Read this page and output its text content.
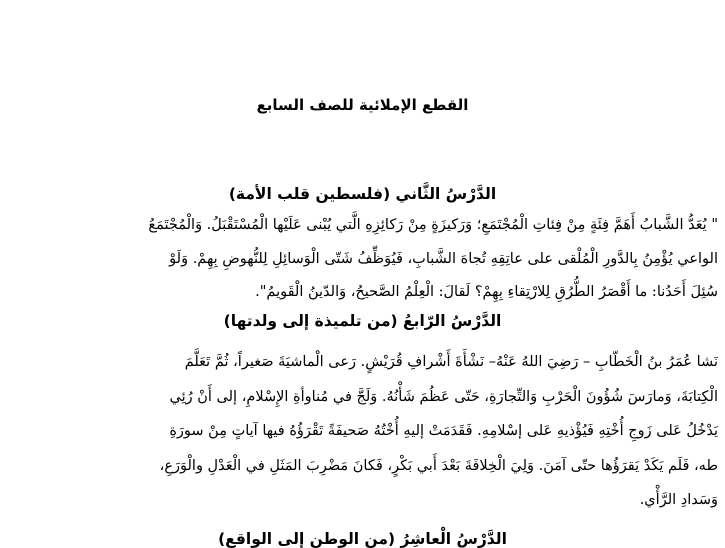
القطع الإملائية للصف السابع
الدَّرْسُ الثَّاني (فلسطين قلب الأمة)
" يُعَدُّ الشَّبابُ أَهَمَّ فِئَةٍ مِنْ فِئاتِ الْمُجْتَمَعِ؛ وَرَكيزَةٍ مِنْ رَكائِزِهِ الَّتي يُبْنى عَلَيْها الْمُسْتَقْبَلُ. وَالْمُجْتَمَعُ
الواعي يُؤْمِنُ بِالدَّورِ الْمُلْقى على عاتِقِهِ تُجاهَ الشَّبابِ، فَيُوَظِّفُ شَتّى الْوَسائِلِ لِلنُّهوضِ بِهِمْ. وَلَوْ
سُئِلَ أَحَدُنا: ما أَقْصَرُ الطُّرُقِ لِلارْتِقاءِ بِهِمْ؟ لَقالَ: الْعِلْمُ الصَّحيحُ، وَالدّينُ الْقَويمُ".
الدَّرْسُ الرّابعُ (من تلميذة إلى ولدتها)
نَشا عُمَرُ بنُ الْخَطّابِ – رَضِيَ اللهُ عَنْهُ– نَشْأَةَ أَشْرافِ قُرَيْشٍ. رَعى الْماشيَةَ صَغيراً، ثُمَّ تَعَلَّمَ
الْكِتابَةَ، وَمارَسَ شُؤُونَ الْحَرْبِ وَالتِّجارَةِ، حَتّى عَظُمَ شَأْنُهُ. وَلَجَّ في مُناوأةِ الإِسْلامِ، إلى أَنْ رُئِي
يَدْخُلُ عَلى زَوجِ أُخْتِهِ فَيُؤْذيهِ عَلى إسْلامِهِ. فَقَدَمَتْ إليهِ أُخْتُهُ صَحيفَةً تَقْرَؤُهُ فيها آياتٍ مِنْ سورَةِ
طه، فَلَم يَكَدْ يَقرَؤُها حتّى آمَنَ. وَلِيَ الْخِلافَةَ بَعْدَ أَبي بَكْرٍ، فَكانَ مَضْرِبَ المَثَلِ في الْعَدْلِ والْوَرَعِ،
وَسَدادِ الرَّأْي.
الدَّرْسُ الْعاشِرُ (من الوطن إلى الواقع)
